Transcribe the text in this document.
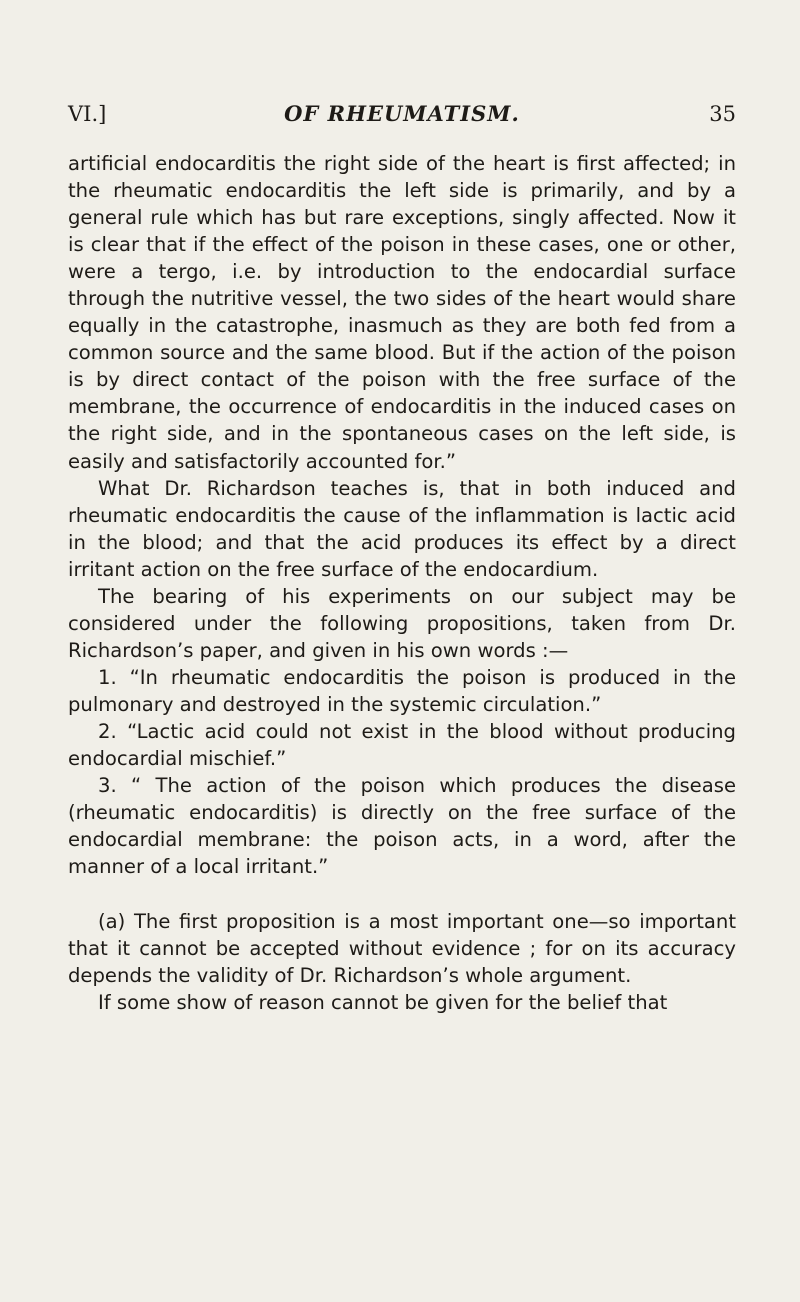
VI.]	OF RHEUMATISM.	35

artificial endocarditis the right side of the heart is first affected; in the rheumatic endocarditis the left side is primarily, and by a general rule which has but rare exceptions, singly affected. Now it is clear that if the effect of the poison in these cases, one or other, were a tergo, i.e. by introduction to the endocardial surface through the nutritive vessel, the two sides of the heart would share equally in the catastrophe, inasmuch as they are both fed from a common source and the same blood. But if the action of the poison is by direct contact of the poison with the free surface of the membrane, the occurrence of endocarditis in the induced cases on the right side, and in the spontaneous cases on the left side, is easily and satisfactorily accounted for.”

What Dr. Richardson teaches is, that in both induced and rheumatic endocarditis the cause of the inflammation is lactic acid in the blood; and that the acid produces its effect by a direct irritant action on the free surface of the endocardium.

The bearing of his experiments on our subject may be considered under the following propositions, taken from Dr. Richardson’s paper, and given in his own words :—

1. “In rheumatic endocarditis the poison is produced in the pulmonary and destroyed in the systemic circulation.”

2. “Lactic acid could not exist in the blood without producing endocardial mischief.”

3. “ The action of the poison which produces the disease (rheumatic endocarditis) is directly on the free surface of the endocardial membrane: the poison acts, in a word, after the manner of a local irritant.”

(a) The first proposition is a most important one—so important that it cannot be accepted without evidence ; for on its accuracy depends the validity of Dr. Richardson’s whole argument.

If some show of reason cannot be given for the belief that
